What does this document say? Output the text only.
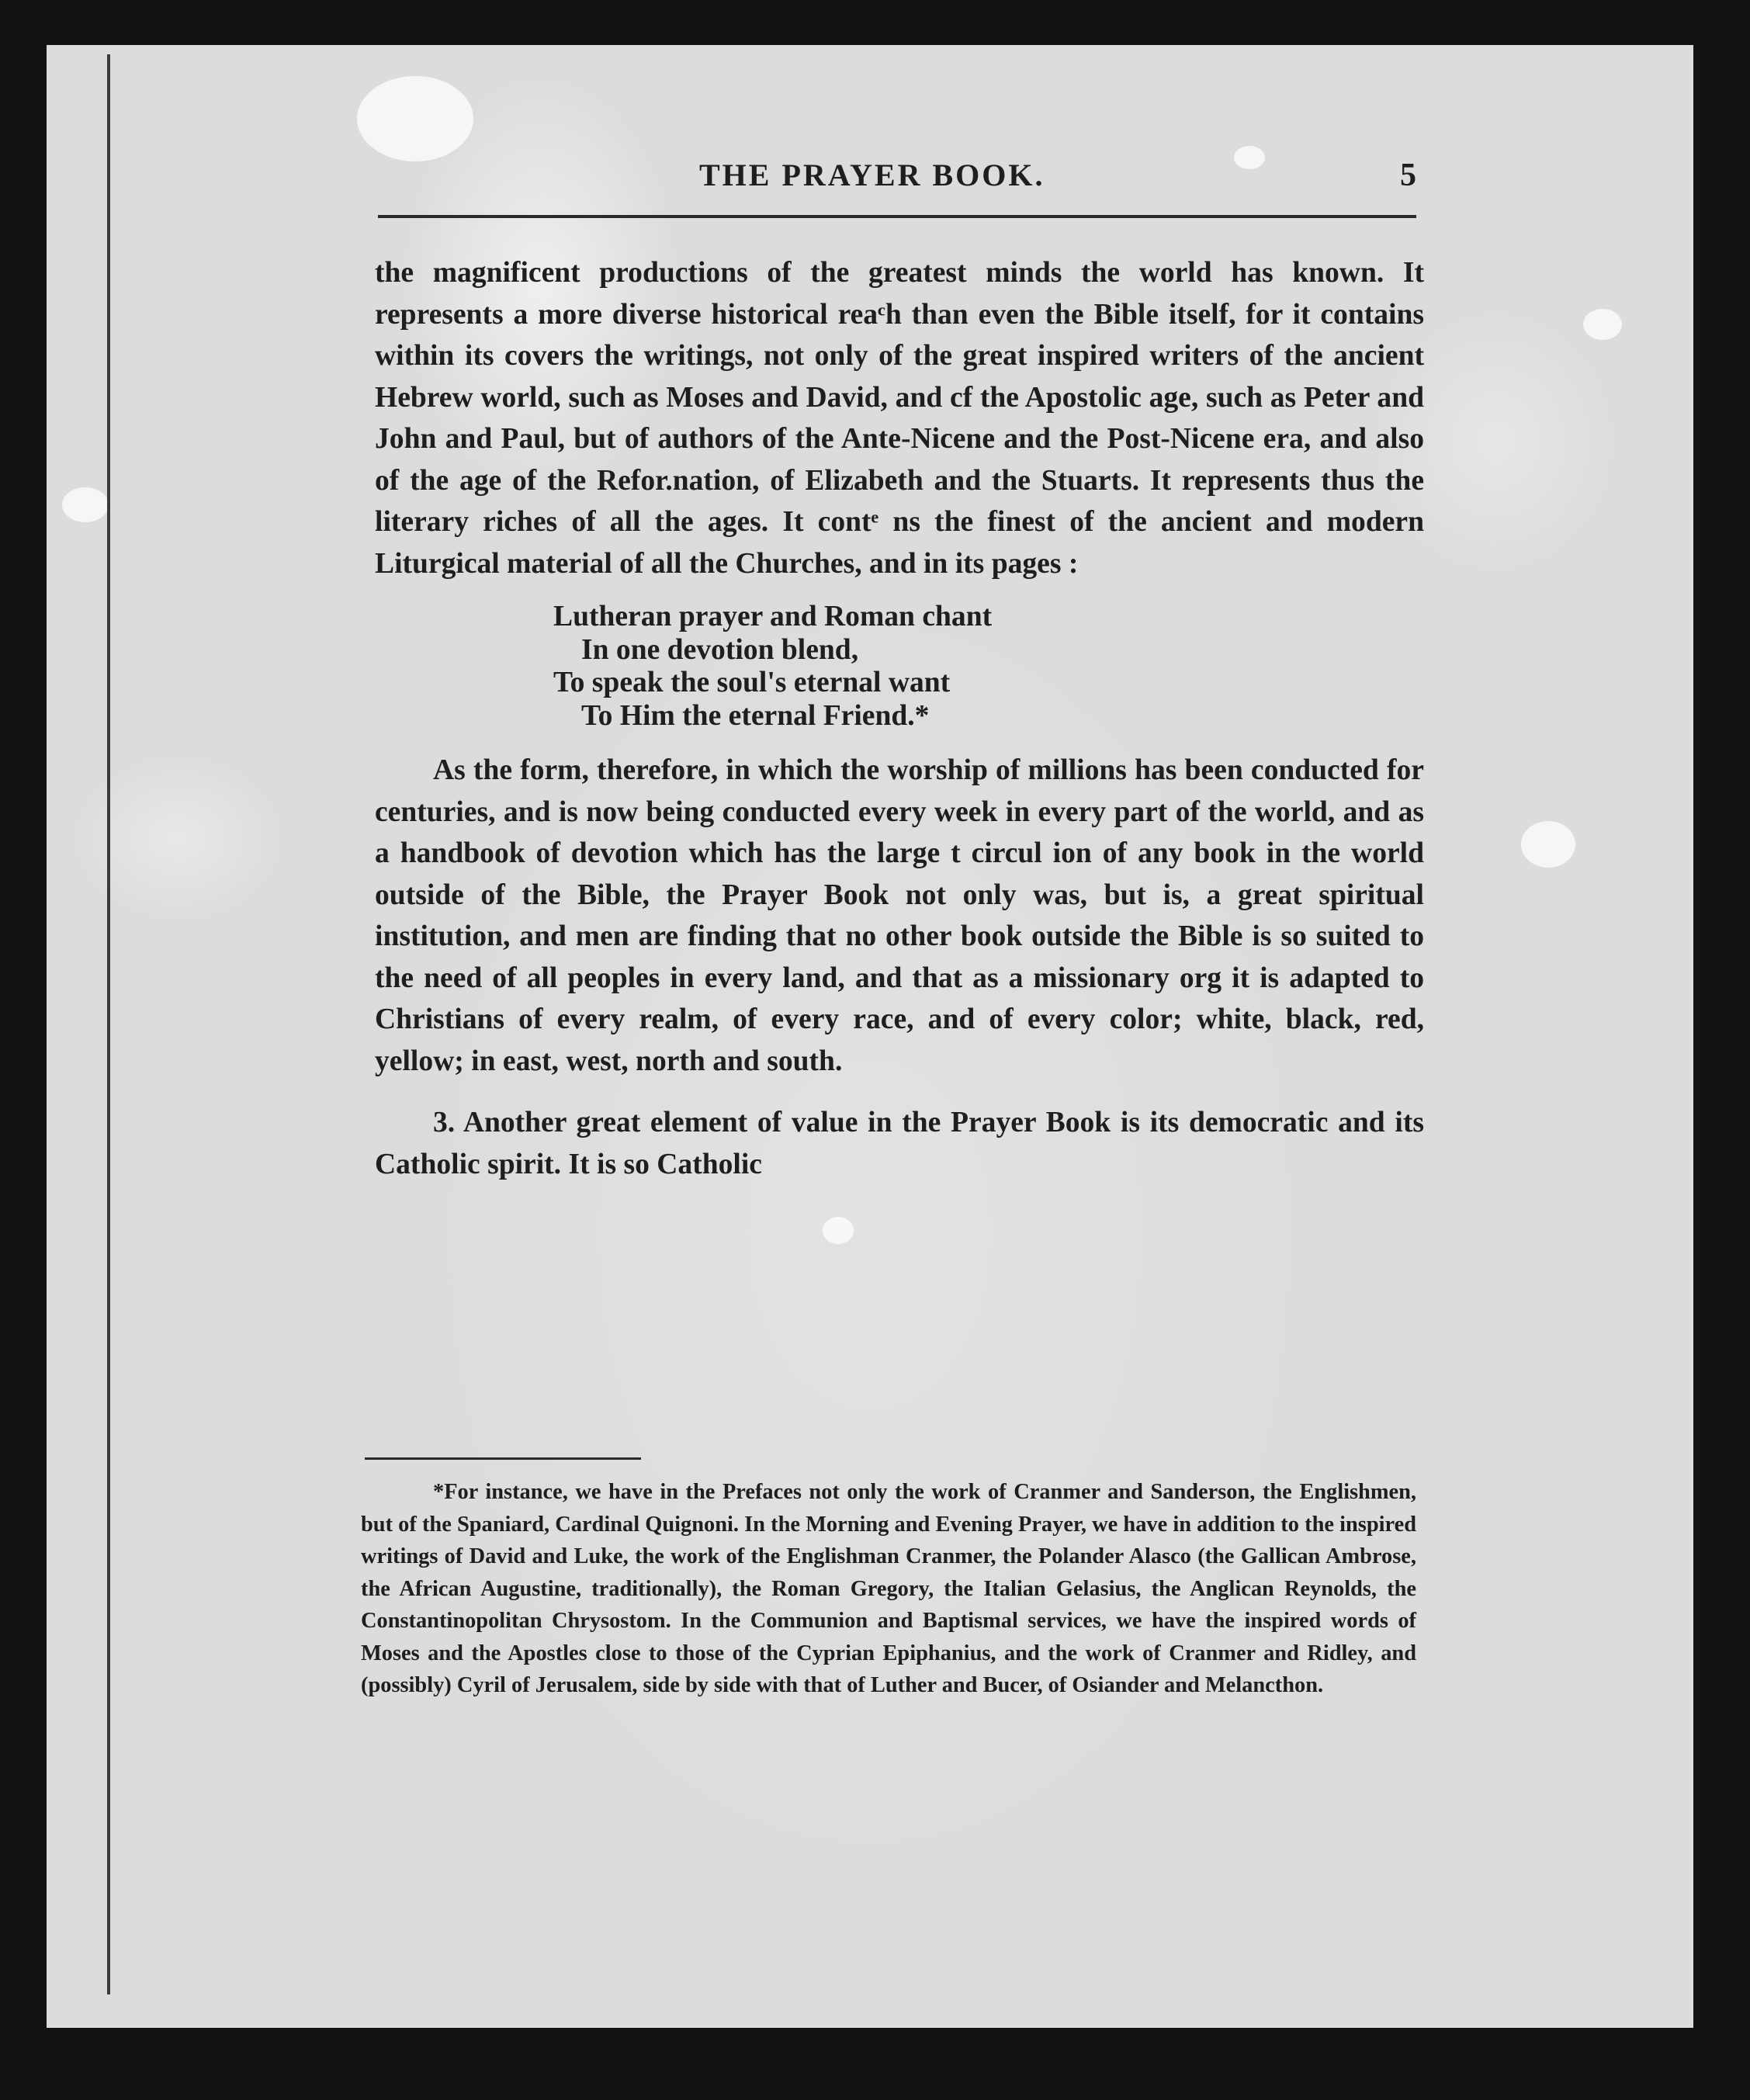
THE PRAYER BOOK.	5

the magnificent productions of the greatest minds the world has known. It represents a more diverse historical reaᶜh than even the Bible itself, for it contains within its covers the writings, not only of the great inspired writers of the ancient Hebrew world, such as Moses and David, and cf the Apostolic age, such as Peter and John and Paul, but of authors of the Ante-Nicene and the Post-Nicene era, and also of the age of the Refor.nation, of Elizabeth and the Stuarts. It represents thus the literary riches of all the ages. It contᵉ ns the finest of the ancient and modern Liturgical material of all the Churches, and in its pages :

Lutheran prayer and Roman chant
In one devotion blend,
To speak the soul's eternal want
To Him the eternal Friend.*

As the form, therefore, in which the worship of millions has been conducted for centuries, and is now being conducted every week in every part of the world, and as a handbook of devotion which has the large t circul ion of any book in the world outside of the Bible, the Prayer Book not only was, but is, a great spiritual institution, and men are finding that no other book outside the Bible is so suited to the need of all peoples in every land, and that as a missionary org it is adapted to Christians of every realm, of every race, and of every color; white, black, red, yellow; in east, west, north and south.

3. Another great element of value in the Prayer Book is its democratic and its Catholic spirit. It is so Catholic

*For instance, we have in the Prefaces not only the work of Cranmer and Sanderson, the Englishmen, but of the Spaniard, Cardinal Quignoni. In the Morning and Evening Prayer, we have in addition to the inspired writings of David and Luke, the work of the Englishman Cranmer, the Polander Alasco (the Gallican Ambrose, the African Augustine, traditionally), the Roman Gregory, the Italian Gelasius, the Anglican Reynolds, the Constantinopolitan Chrysostom. In the Communion and Baptismal services, we have the inspired words of Moses and the Apostles close to those of the Cyprian Epiphanius, and the work of Cranmer and Ridley, and (possibly) Cyril of Jerusalem, side by side with that of Luther and Bucer, of Osiander and Melancthon.
